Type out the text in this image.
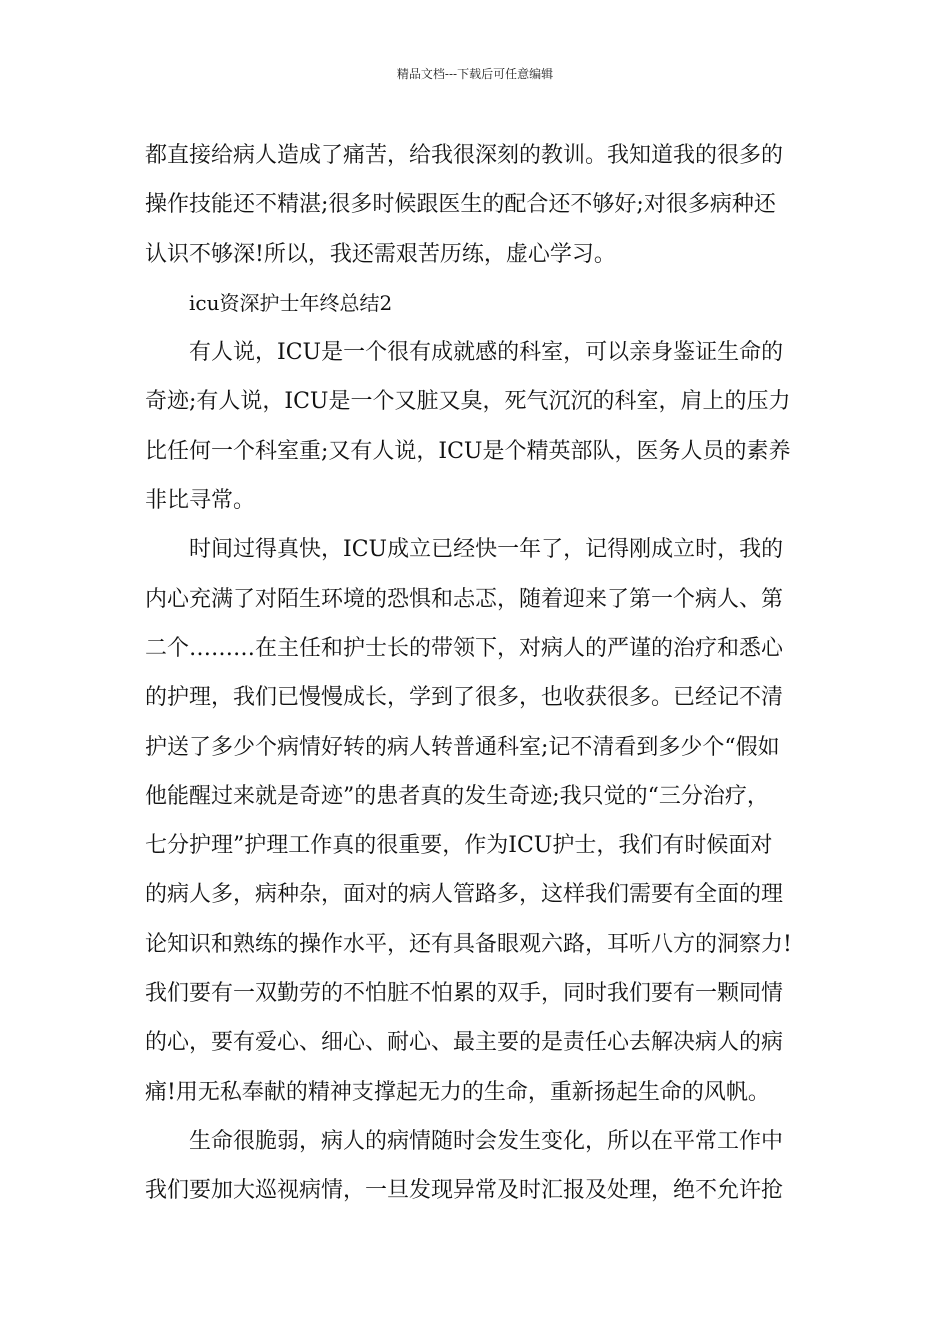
精品文档---下载后可任意编辑
都直接给病人造成了痛苦，给我很深刻的教训。我知道我的很多的
操作技能还不精湛;很多时候跟医生的配合还不够好;对很多病种还
认识不够深!所以，我还需艰苦历练，虚心学习。
icu资深护士年终总结2
有人说，ICU是一个很有成就感的科室，可以亲身鉴证生命的
奇迹;有人说，ICU是一个又脏又臭，死气沉沉的科室，肩上的压力
比任何一个科室重;又有人说，ICU是个精英部队，医务人员的素养
非比寻常。
时间过得真快，ICU成立已经快一年了，记得刚成立时，我的
内心充满了对陌生环境的恐惧和忐忑，随着迎来了第一个病人、第
二个………在主任和护士长的带领下，对病人的严谨的治疗和悉心
的护理，我们已慢慢成长，学到了很多，也收获很多。已经记不清
护送了多少个病情好转的病人转普通科室;记不清看到多少个“假如
他能醒过来就是奇迹”的患者真的发生奇迹;我只觉的“三分治疗，
七分护理”护理工作真的很重要，作为ICU护士，我们有时候面对
的病人多，病种杂，面对的病人管路多，这样我们需要有全面的理
论知识和熟练的操作水平，还有具备眼观六路，耳听八方的洞察力!
我们要有一双勤劳的不怕脏不怕累的双手，同时我们要有一颗同情
的心，要有爱心、细心、耐心、最主要的是责任心去解决病人的病
痛!用无私奉献的精神支撑起无力的生命，重新扬起生命的风帆。
生命很脆弱，病人的病情随时会发生变化，所以在平常工作中
我们要加大巡视病情，一旦发现异常及时汇报及处理，绝不允许抢
